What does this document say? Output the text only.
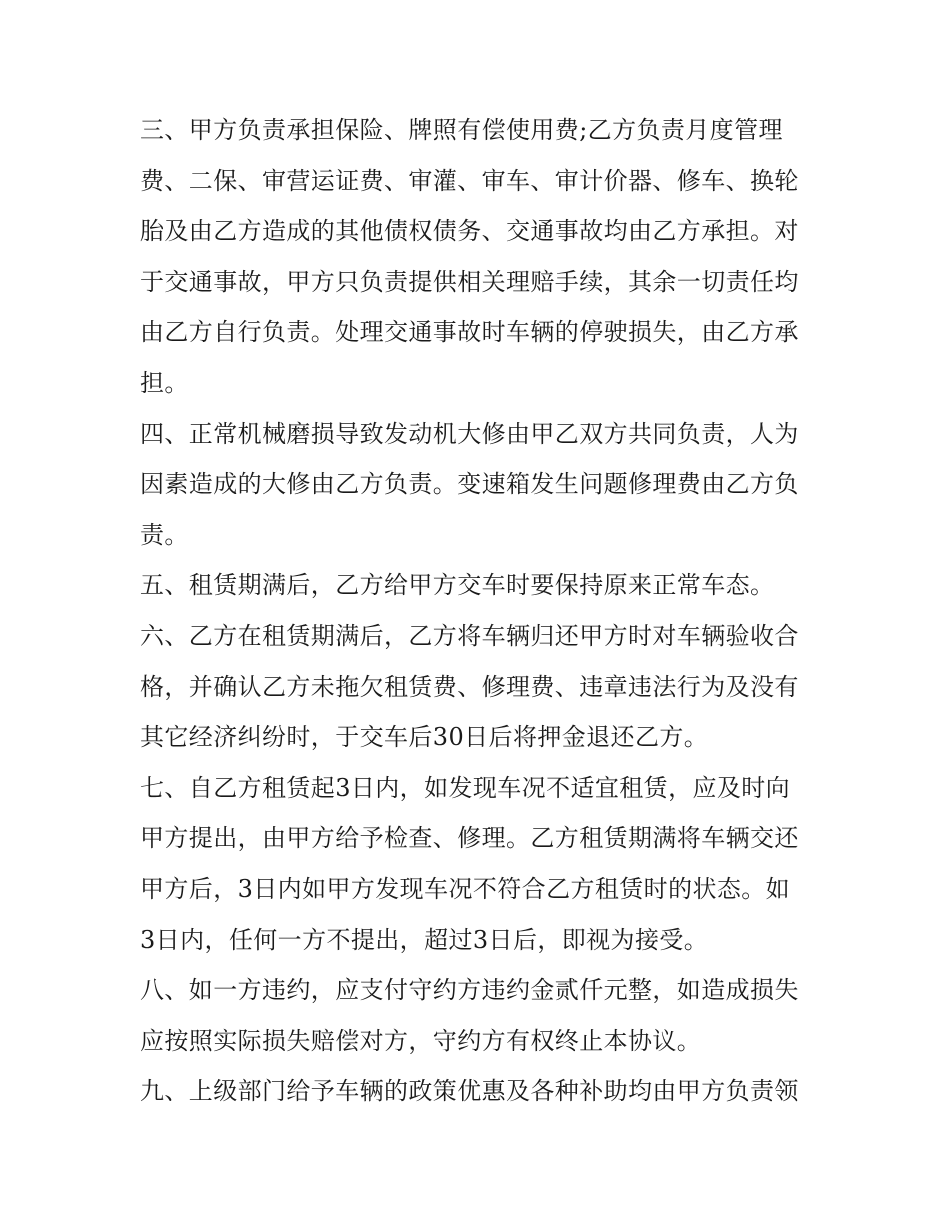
三、甲方负责承担保险、牌照有偿使用费;乙方负责月度管理
费、二保、审营运证费、审灌、审车、审计价器、修车、换轮
胎及由乙方造成的其他债权债务、交通事故均由乙方承担。对
于交通事故，甲方只负责提供相关理赔手续，其余一切责任均
由乙方自行负责。处理交通事故时车辆的停驶损失，由乙方承
担。
四、正常机械磨损导致发动机大修由甲乙双方共同负责，人为
因素造成的大修由乙方负责。变速箱发生问题修理费由乙方负
责。
五、租赁期满后，乙方给甲方交车时要保持原来正常车态。
六、乙方在租赁期满后，乙方将车辆归还甲方时对车辆验收合
格，并确认乙方未拖欠租赁费、修理费、违章违法行为及没有
其它经济纠纷时，于交车后30日后将押金退还乙方。
七、自乙方租赁起3日内，如发现车况不适宜租赁，应及时向
甲方提出，由甲方给予检查、修理。乙方租赁期满将车辆交还
甲方后，3日内如甲方发现车况不符合乙方租赁时的状态。如
3日内，任何一方不提出，超过3日后，即视为接受。
八、如一方违约，应支付守约方违约金贰仟元整，如造成损失
应按照实际损失赔偿对方，守约方有权终止本协议。
九、上级部门给予车辆的政策优惠及各种补助均由甲方负责领
